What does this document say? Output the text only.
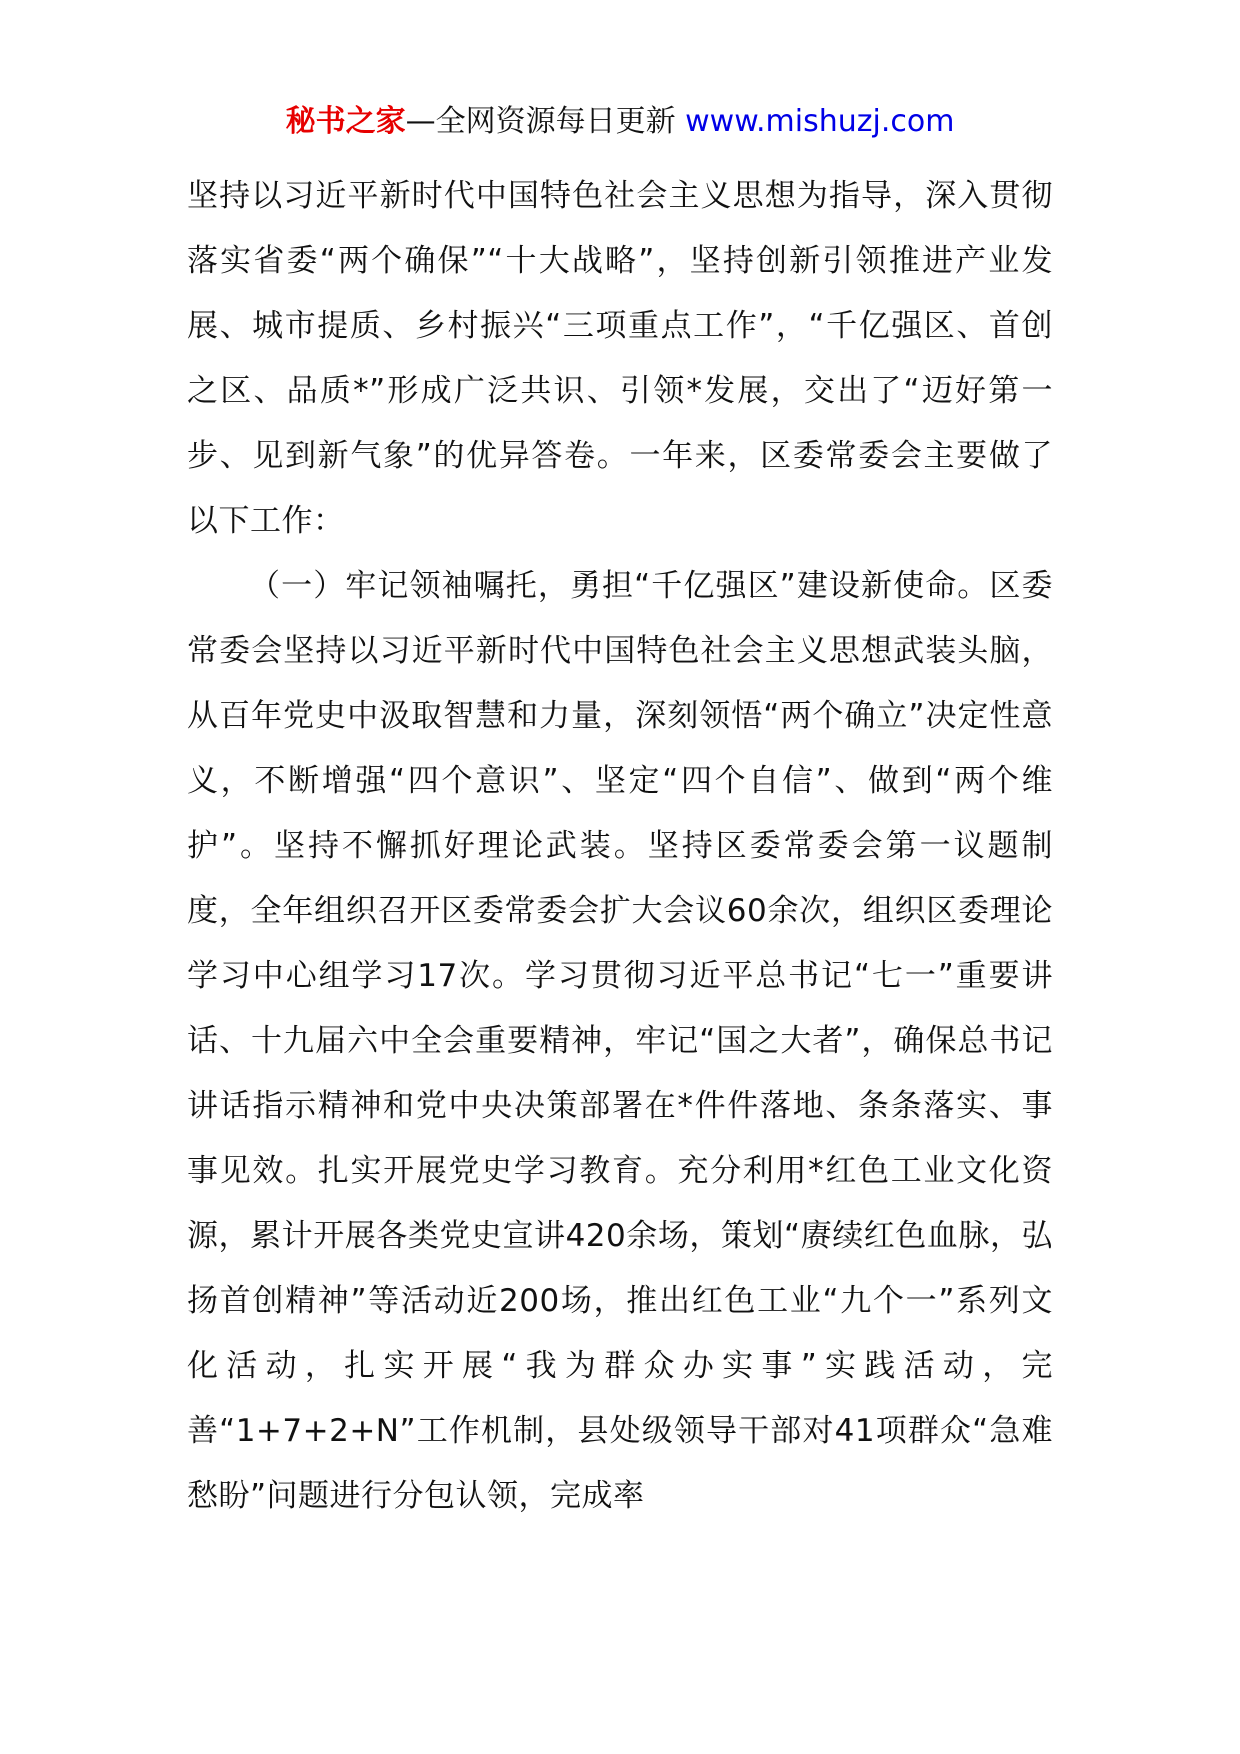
秘书之家—全网资源每日更新 www.mishuzj.com

坚持以习近平新时代中国特色社会主义思想为指导，深入贯彻落实省委“两个确保”“十大战略”，坚持创新引领推进产业发展、城市提质、乡村振兴“三项重点工作”，“千亿强区、首创之区、品质*”形成广泛共识、引领*发展，交出了“迈好第一步、见到新气象”的优异答卷。一年来，区委常委会主要做了以下工作：

（一）牢记领袖嘱托，勇担“千亿强区”建设新使命。区委常委会坚持以习近平新时代中国特色社会主义思想武装头脑，从百年党史中汲取智慧和力量，深刻领悟“两个确立”决定性意义，不断增强“四个意识”、坚定“四个自信”、做到“两个维护”。坚持不懈抓好理论武装。坚持区委常委会第一议题制度，全年组织召开区委常委会扩大会议60余次，组织区委理论学习中心组学习17次。学习贯彻习近平总书记“七一”重要讲话、十九届六中全会重要精神，牢记“国之大者”，确保总书记讲话指示精神和党中央决策部署在*件件落地、条条落实、事事见效。扎实开展党史学习教育。充分利用*红色工业文化资源，累计开展各类党史宣讲420余场，策划“赓续红色血脉，弘扬首创精神”等活动近200场，推出红色工业“九个一”系列文化活动，扎实开展“我为群众办实事”实践活动，完善“1+7+2+N”工作机制，县处级领导干部对41项群众“急难愁盼”问题进行分包认领，完成率
